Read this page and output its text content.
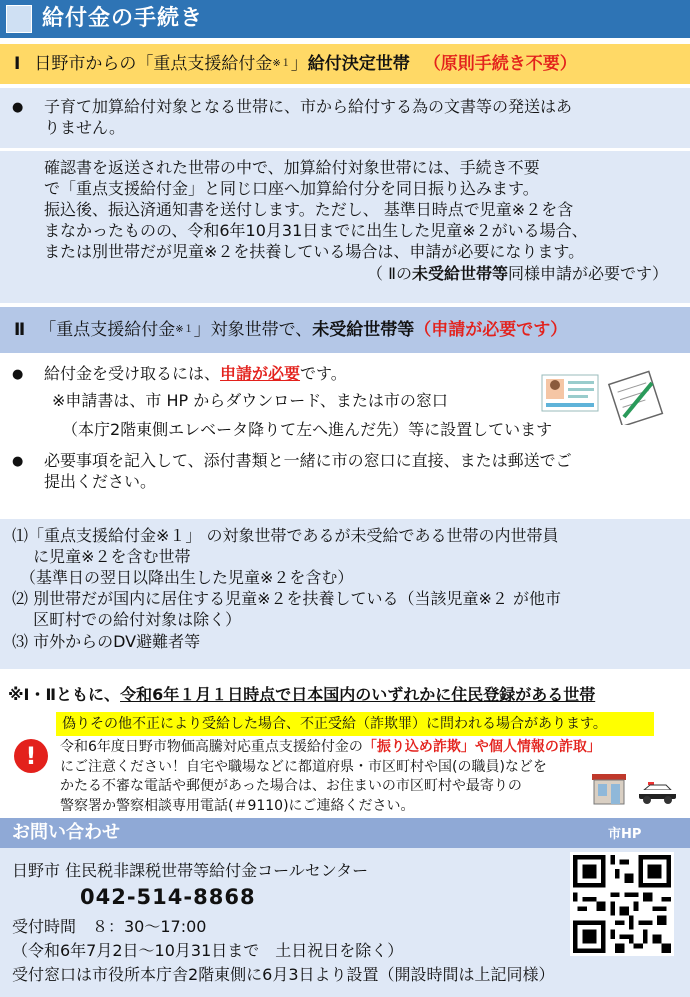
給付金の手続き
Ⅰ 日野市からの「重点支援給付金 ※１ 」 給付決定世帯 （原則手続き不要）
●	子育て加算給付対象となる世帯に、市から給付する為の文書等の発送はあ
りません。
確認書を返送された世帯の中で、加算給付対象世帯には、手続き不要
で「重点支援給付金」と同じ口座へ加算給付分を同日振り込みます。
振込後、振込済通知書を送付します。ただし、 基準日時点で児童※２を含
まなかったものの、令和6年10月31日までに出生した児童※２がいる場合、
または別世帯だが児童※２を扶養している場合は、申請が必要になります。
（ Ⅱの未受給世帯等同様申請が必要です）
Ⅱ 「重点支援給付金 ※１ 」対象世帯で、 未受給世帯等 （申請が必要です）
●	給付金を受け取るには、申請が必要です。
※申請書は、市 HP からダウンロード、または市の窓口
（本庁2階東側エレベータ降りて左へ進んだ先）等に設置しています
●	必要事項を記入して、添付書類と一緒に市の窓口に直接、または郵送でご
提出ください。
⑴「重点支援給付金※１」 の対象世帯であるが未受給である世帯の内世帯員
　 に児童※２を含む世帯
　（基準日の翌日以降出生した児童※２を含む）
⑵ 別世帯だが国内に居住する児童※２を扶養している（当該児童※２ が他市
　 区町村での給付対象は除く）
⑶ 市外からのDV避難者等
※Ⅰ・Ⅱともに、令和6年１月１日時点で日本国内のいずれかに住民登録がある世帯
偽りその他不正により受給した場合、不正受給（詐欺罪）に問われる場合があります。
!	令和6年度日野市物価高騰対応重点支援給付金の「振り込め詐欺」や個人情報の詐取」
にご注意ください！自宅や職場などに都道府県・市区町村や国(の職員)などを
かたる不審な電話や郵便があった場合は、お住まいの市区町村や最寄りの
警察署か警察相談専用電話(＃9110)にご連絡ください。
お問い合わせ	市HP
日野市 住民税非課税世帯等給付金コールセンター
042-514-8868
受付時間　８：30～17:00
（令和6年7月2日～10月31日まで　土日祝日を除く）
受付窓口は市役所本庁舎2階東側に6月3日より設置（開設時間は上記同様）
